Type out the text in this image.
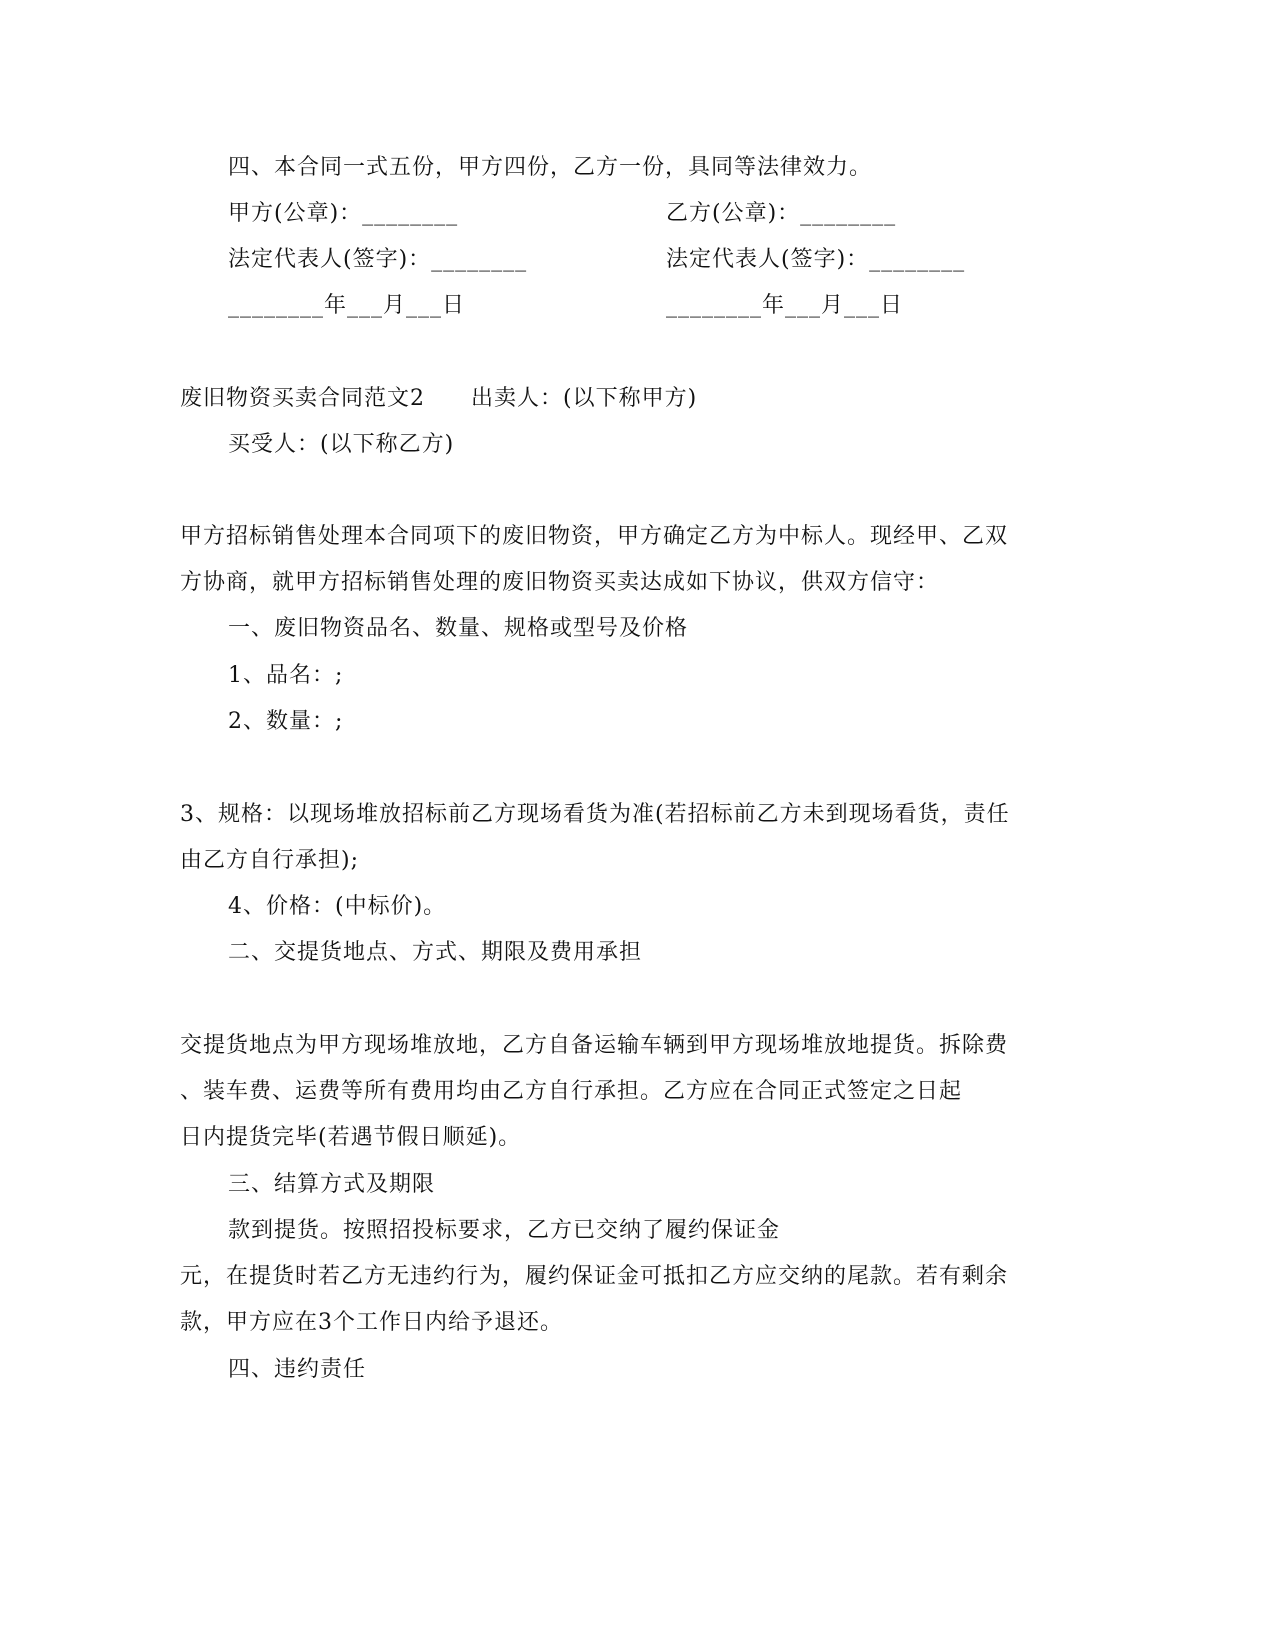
四、本合同一式五份，甲方四份，乙方一份，具同等法律效力。
甲方(公章)：________	乙方(公章)：________
法定代表人(签字)：________	法定代表人(签字)：________
________年___月___日	________年___月___日
废旧物资买卖合同范文2　　出卖人：(以下称甲方)
买受人：(以下称乙方)
甲方招标销售处理本合同项下的废旧物资，甲方确定乙方为中标人。现经甲、乙双
方协商，就甲方招标销售处理的废旧物资买卖达成如下协议，供双方信守：
一、废旧物资品名、数量、规格或型号及价格
1、品名：;
2、数量：;
3、规格：以现场堆放招标前乙方现场看货为准(若招标前乙方未到现场看货，责任
由乙方自行承担);
4、价格：(中标价)。
二、交提货地点、方式、期限及费用承担
交提货地点为甲方现场堆放地，乙方自备运输车辆到甲方现场堆放地提货。拆除费
、装车费、运费等所有费用均由乙方自行承担。乙方应在合同正式签定之日起
日内提货完毕(若遇节假日顺延)。
三、结算方式及期限
款到提货。按照招投标要求，乙方已交纳了履约保证金
元，在提货时若乙方无违约行为，履约保证金可抵扣乙方应交纳的尾款。若有剩余
款，甲方应在3个工作日内给予退还。
四、违约责任
